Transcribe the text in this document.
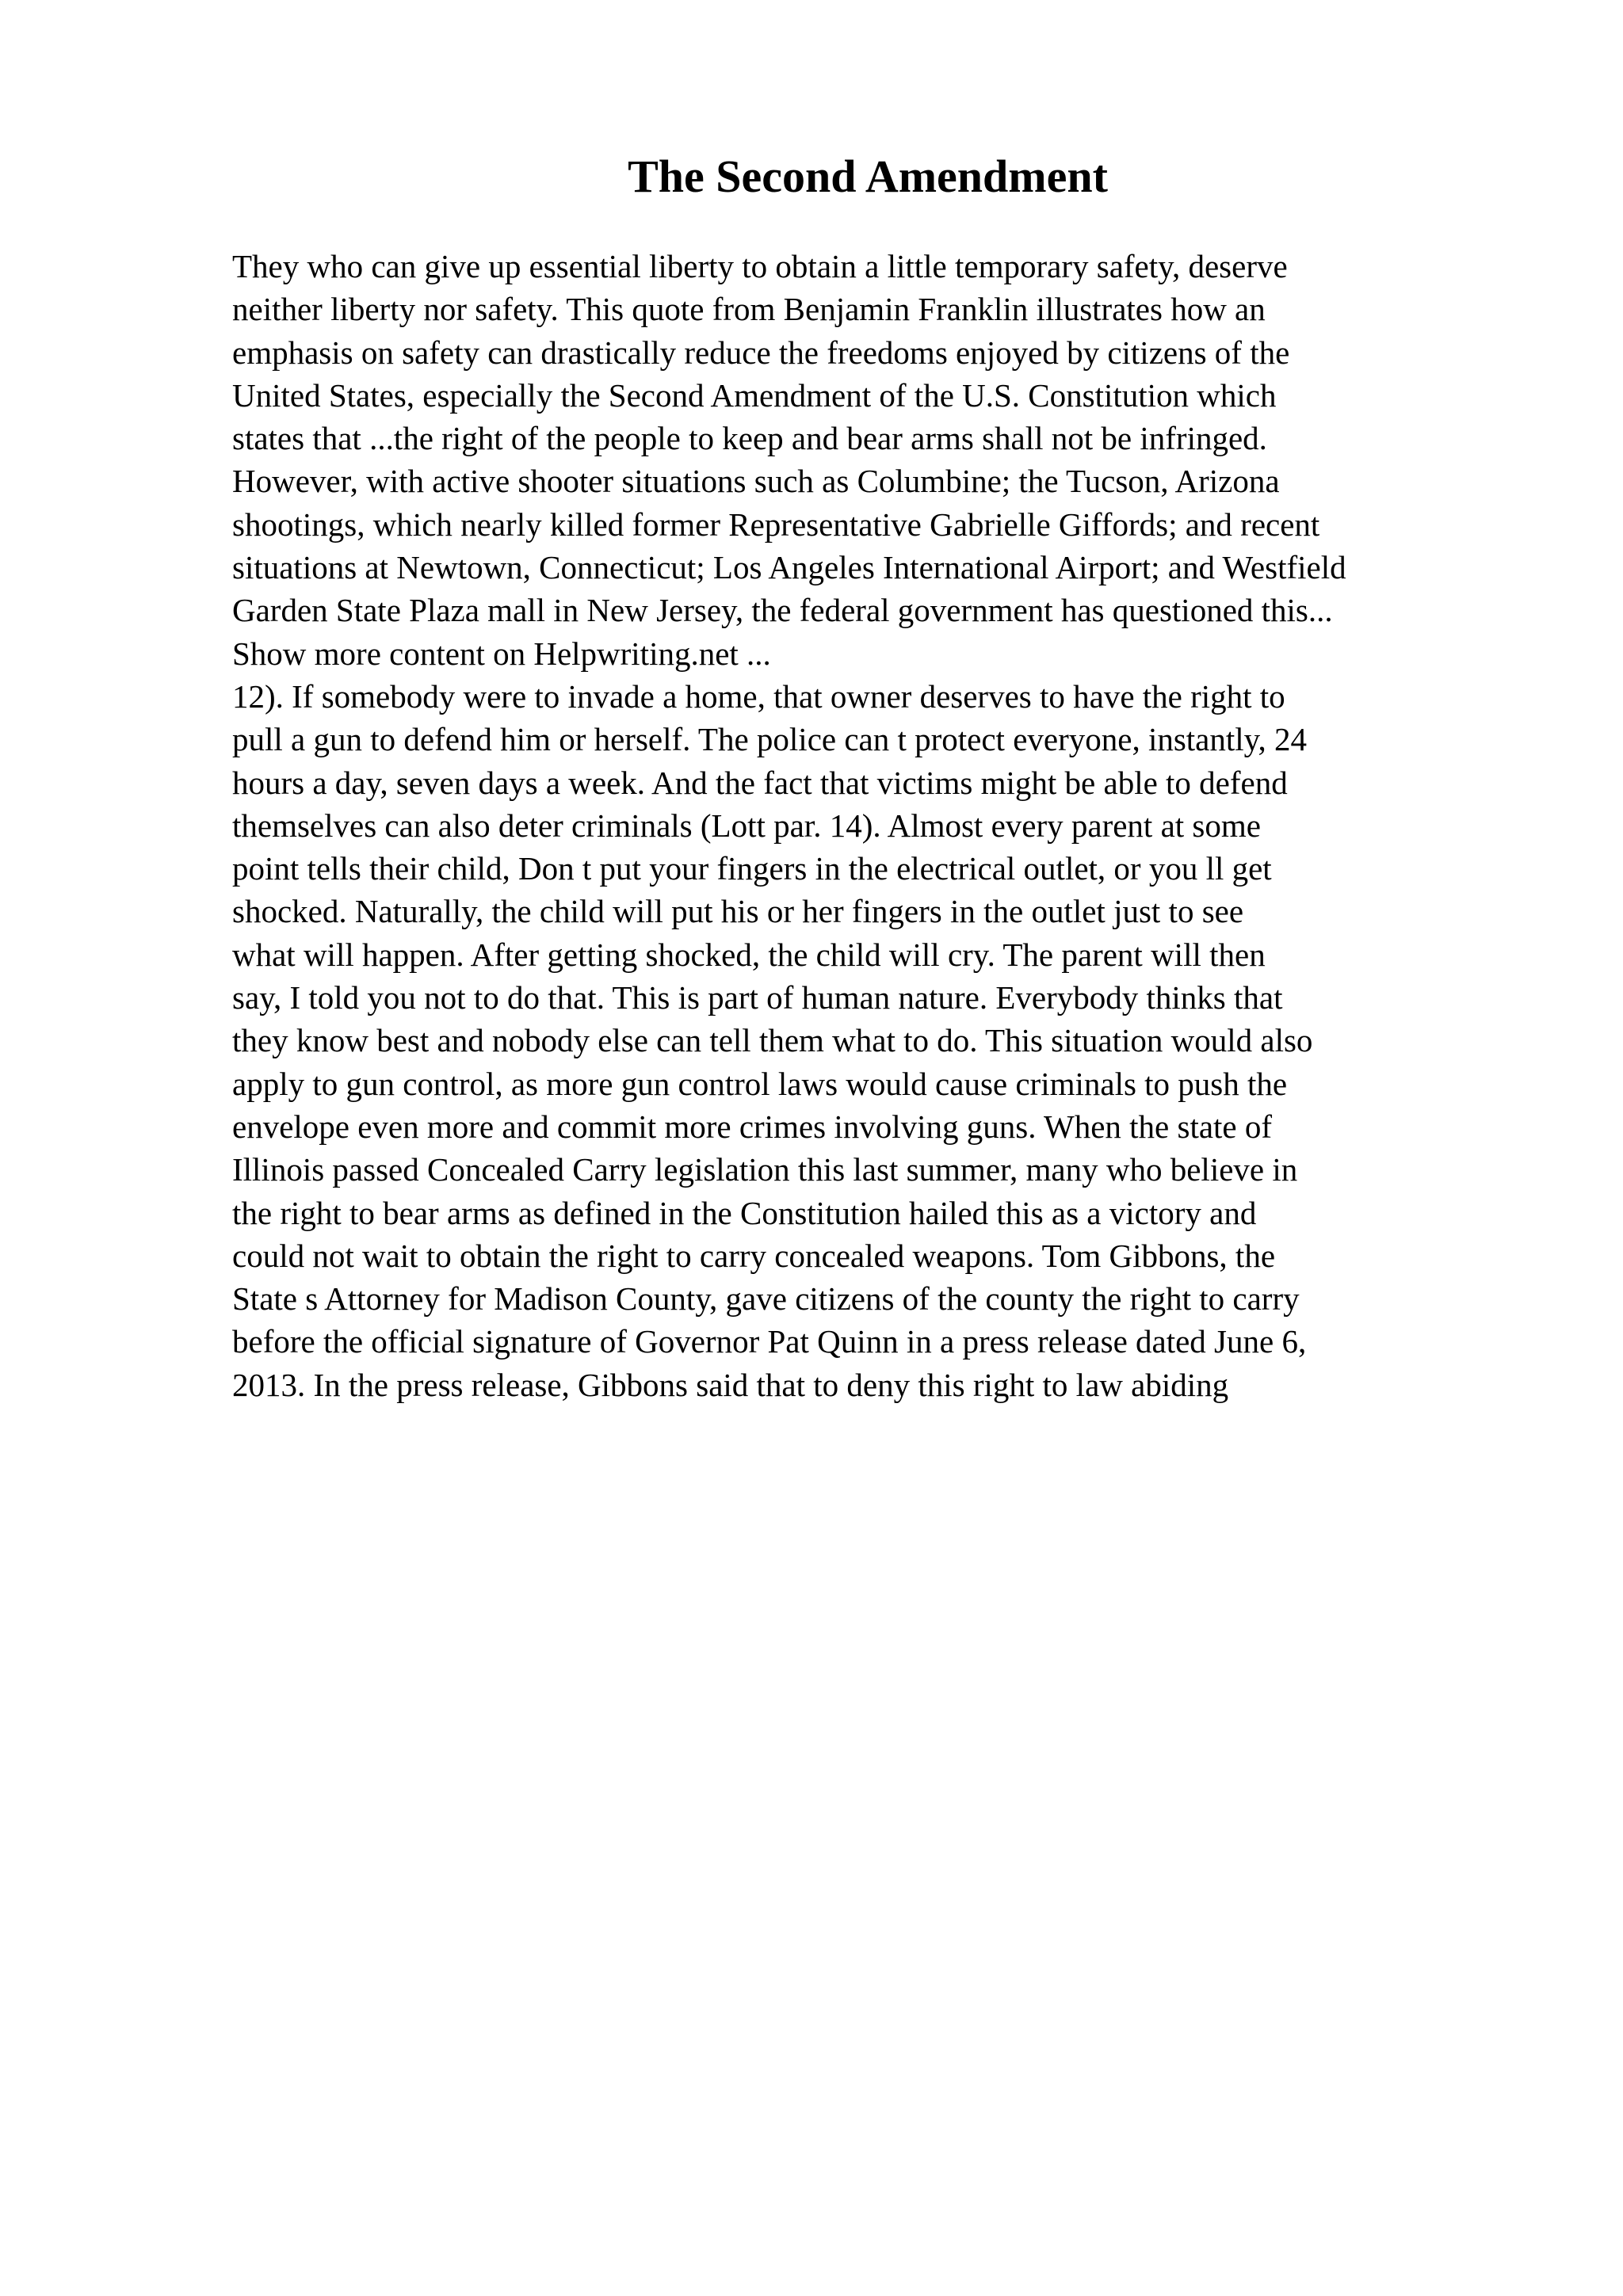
The Second Amendment
They who can give up essential liberty to obtain a little temporary safety, deserve
neither liberty nor safety. This quote from Benjamin Franklin illustrates how an
emphasis on safety can drastically reduce the freedoms enjoyed by citizens of the
United States, especially the Second Amendment of the U.S. Constitution which
states that ...the right of the people to keep and bear arms shall not be infringed.
However, with active shooter situations such as Columbine; the Tucson, Arizona
shootings, which nearly killed former Representative Gabrielle Giffords; and recent
situations at Newtown, Connecticut; Los Angeles International Airport; and Westfield
Garden State Plaza mall in New Jersey, the federal government has questioned this...
Show more content on Helpwriting.net ...
12). If somebody were to invade a home, that owner deserves to have the right to
pull a gun to defend him or herself. The police can t protect everyone, instantly, 24
hours a day, seven days a week. And the fact that victims might be able to defend
themselves can also deter criminals (Lott par. 14). Almost every parent at some
point tells their child, Don t put your fingers in the electrical outlet, or you ll get
shocked. Naturally, the child will put his or her fingers in the outlet just to see
what will happen. After getting shocked, the child will cry. The parent will then
say, I told you not to do that. This is part of human nature. Everybody thinks that
they know best and nobody else can tell them what to do. This situation would also
apply to gun control, as more gun control laws would cause criminals to push the
envelope even more and commit more crimes involving guns. When the state of
Illinois passed Concealed Carry legislation this last summer, many who believe in
the right to bear arms as defined in the Constitution hailed this as a victory and
could not wait to obtain the right to carry concealed weapons. Tom Gibbons, the
State s Attorney for Madison County, gave citizens of the county the right to carry
before the official signature of Governor Pat Quinn in a press release dated June 6,
2013. In the press release, Gibbons said that to deny this right to law abiding
